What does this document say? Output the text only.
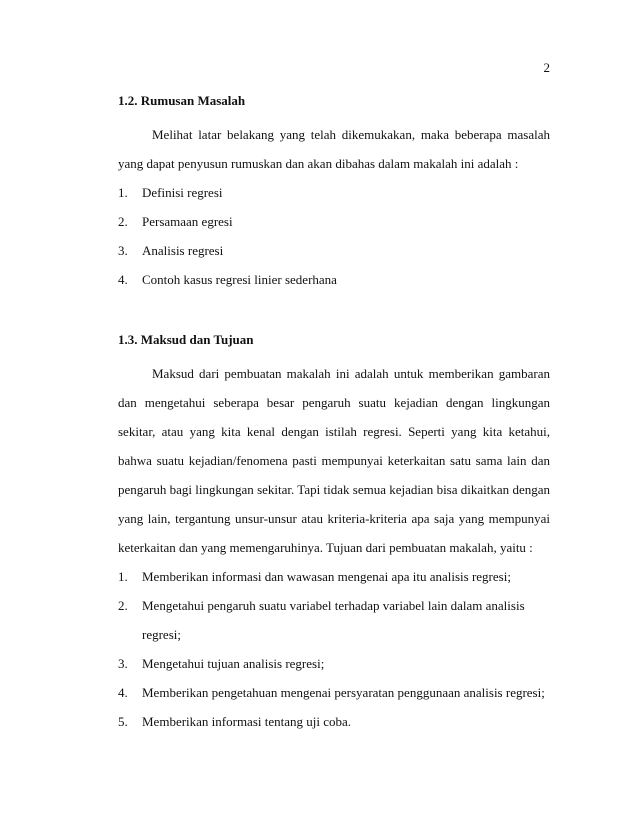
2

1.2. Rumusan Masalah

Melihat latar belakang yang telah dikemukakan, maka beberapa masalah yang dapat penyusun rumuskan dan akan dibahas dalam makalah ini adalah :

1.	Definisi regresi
2.	Persamaan egresi
3.	Analisis regresi
4.	Contoh kasus regresi linier sederhana

1.3. Maksud dan Tujuan

Maksud dari pembuatan makalah ini adalah untuk memberikan gambaran dan mengetahui seberapa besar pengaruh suatu kejadian dengan lingkungan sekitar, atau yang kita kenal dengan istilah regresi. Seperti yang kita ketahui, bahwa suatu kejadian/fenomena pasti mempunyai keterkaitan satu sama lain dan pengaruh bagi lingkungan sekitar. Tapi tidak semua kejadian bisa dikaitkan dengan yang lain, tergantung unsur-unsur atau kriteria-kriteria apa saja yang mempunyai keterkaitan dan yang memengaruhinya. Tujuan dari pembuatan makalah, yaitu :

1.	Memberikan informasi dan wawasan mengenai apa itu analisis regresi;
2.	Mengetahui pengaruh suatu variabel terhadap variabel lain dalam analisis regresi;
3.	Mengetahui tujuan analisis regresi;
4.	Memberikan pengetahuan mengenai persyaratan penggunaan analisis regresi;
5.	Memberikan informasi tentang uji coba.
